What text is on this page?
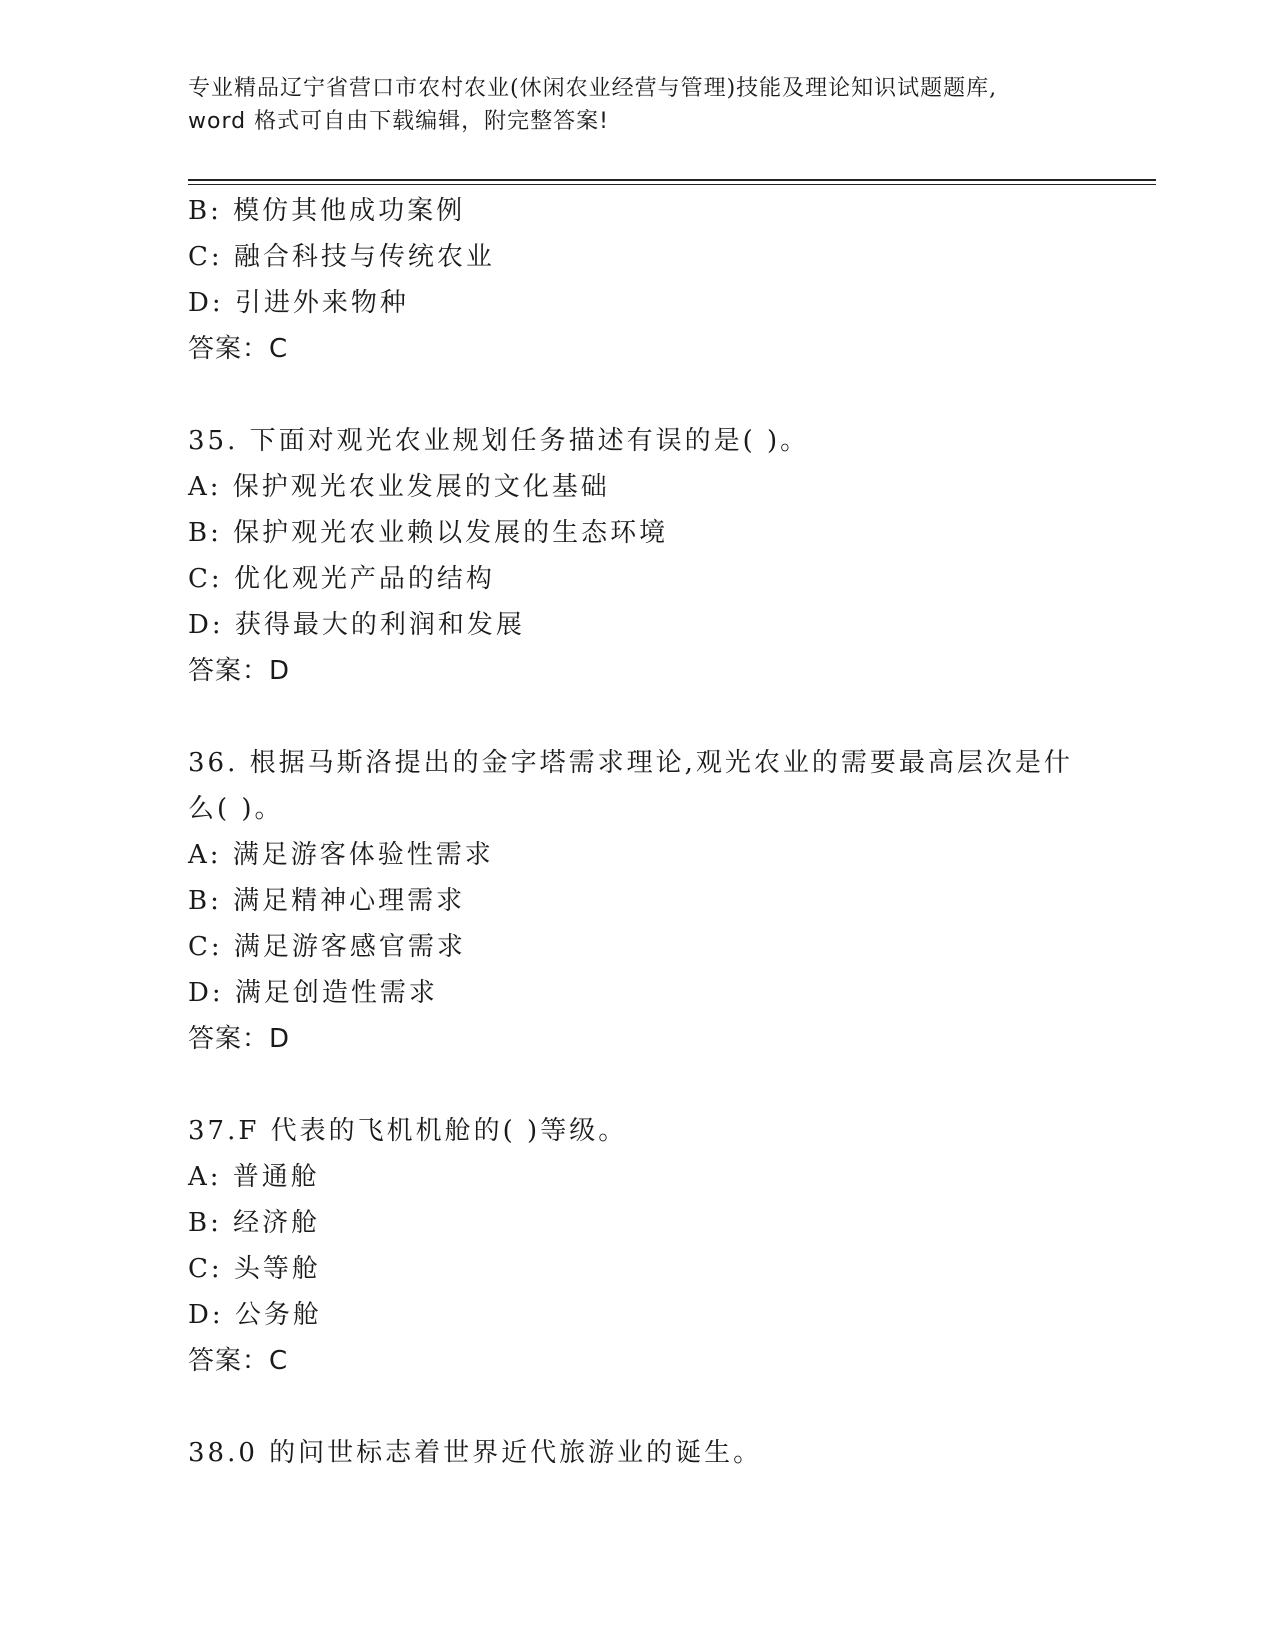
专业精品辽宁省营口市农村农业(休闲农业经营与管理)技能及理论知识试题题库,
word 格式可自由下载编辑，附完整答案!
B: 模仿其他成功案例
C: 融合科技与传统农业
D: 引进外来物种
答案：C
35. 下面对观光农业规划任务描述有误的是( )。
A: 保护观光农业发展的文化基础
B: 保护观光农业赖以发展的生态环境
C: 优化观光产品的结构
D: 获得最大的利润和发展
答案：D
36. 根据马斯洛提出的金字塔需求理论,观光农业的需要最高层次是什
么( )。
A: 满足游客体验性需求
B: 满足精神心理需求
C: 满足游客感官需求
D: 满足创造性需求
答案：D
37.F 代表的飞机机舱的( )等级。
A: 普通舱
B: 经济舱
C: 头等舱
D: 公务舱
答案：C
38.0 的问世标志着世界近代旅游业的诞生。
